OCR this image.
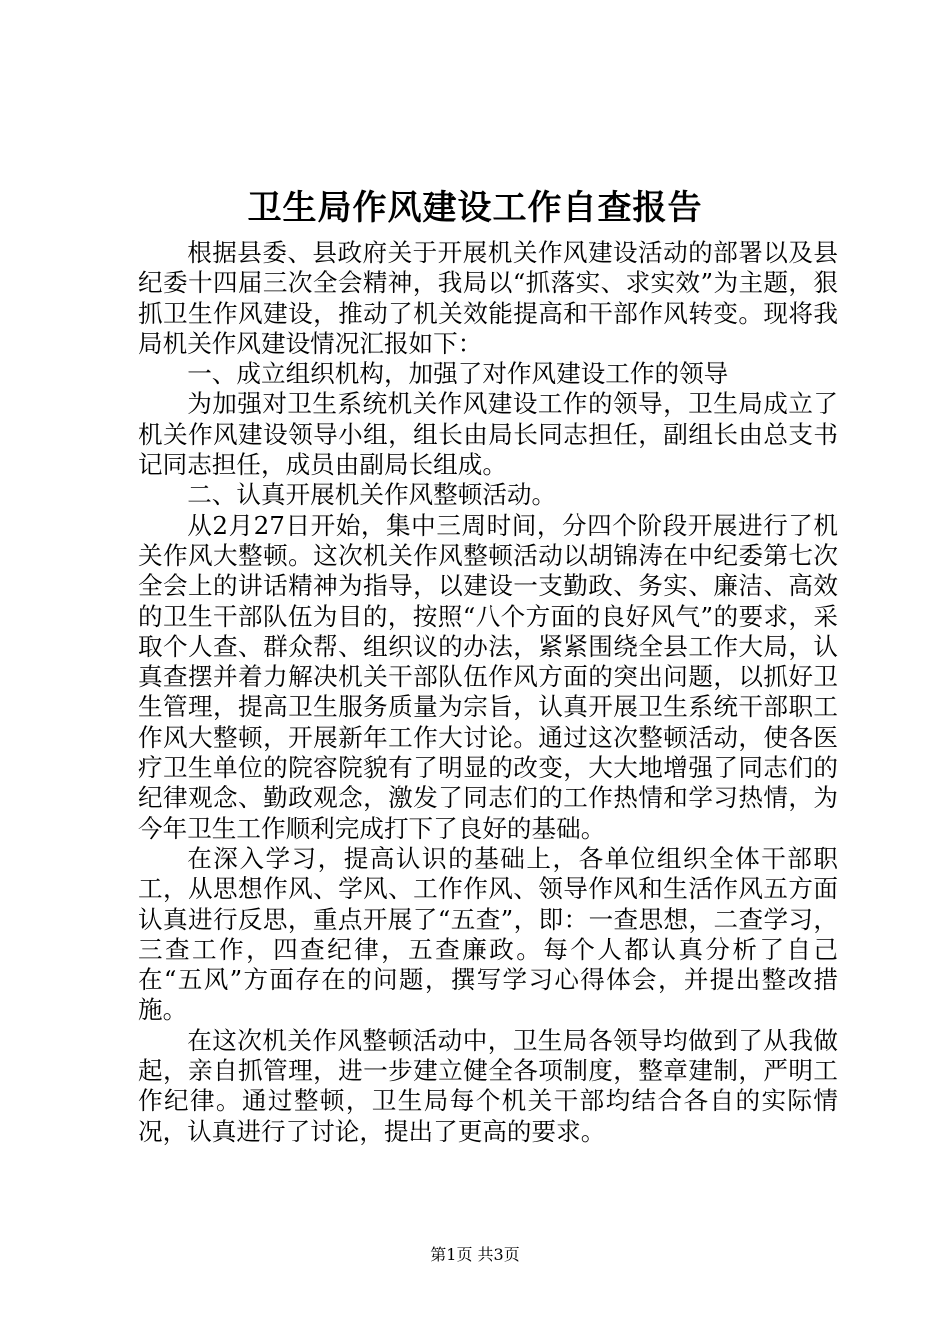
卫生局作风建设工作自查报告

根据县委、县政府关于开展机关作风建设活动的部署以及县纪委十四届三次全会精神，我局以“抓落实、求实效”为主题，狠抓卫生作风建设，推动了机关效能提高和干部作风转变。现将我局机关作风建设情况汇报如下：

一、成立组织机构，加强了对作风建设工作的领导

为加强对卫生系统机关作风建设工作的领导，卫生局成立了机关作风建设领导小组，组长由局长同志担任，副组长由总支书记同志担任，成员由副局长组成。

二、认真开展机关作风整顿活动。

从2月27日开始，集中三周时间，分四个阶段开展进行了机关作风大整顿。这次机关作风整顿活动以胡锦涛在中纪委第七次全会上的讲话精神为指导，以建设一支勤政、务实、廉洁、高效的卫生干部队伍为目的，按照“八个方面的良好风气”的要求，采取个人查、群众帮、组织议的办法，紧紧围绕全县工作大局，认真查摆并着力解决机关干部队伍作风方面的突出问题，以抓好卫生管理，提高卫生服务质量为宗旨，认真开展卫生系统干部职工作风大整顿，开展新年工作大讨论。通过这次整顿活动，使各医疗卫生单位的院容院貌有了明显的改变，大大地增强了同志们的纪律观念、勤政观念，激发了同志们的工作热情和学习热情，为今年卫生工作顺利完成打下了良好的基础。

在深入学习，提高认识的基础上，各单位组织全体干部职工，从思想作风、学风、工作作风、领导作风和生活作风五方面认真进行反思，重点开展了“五查”，即：一查思想，二查学习，三查工作，四查纪律，五查廉政。每个人都认真分析了自己在“五风”方面存在的问题，撰写学习心得体会，并提出整改措施。

在这次机关作风整顿活动中，卫生局各领导均做到了从我做起，亲自抓管理，进一步建立健全各项制度，整章建制，严明工作纪律。通过整顿，卫生局每个机关干部均结合各自的实际情况，认真进行了讨论，提出了更高的要求。

第1页 共3页
